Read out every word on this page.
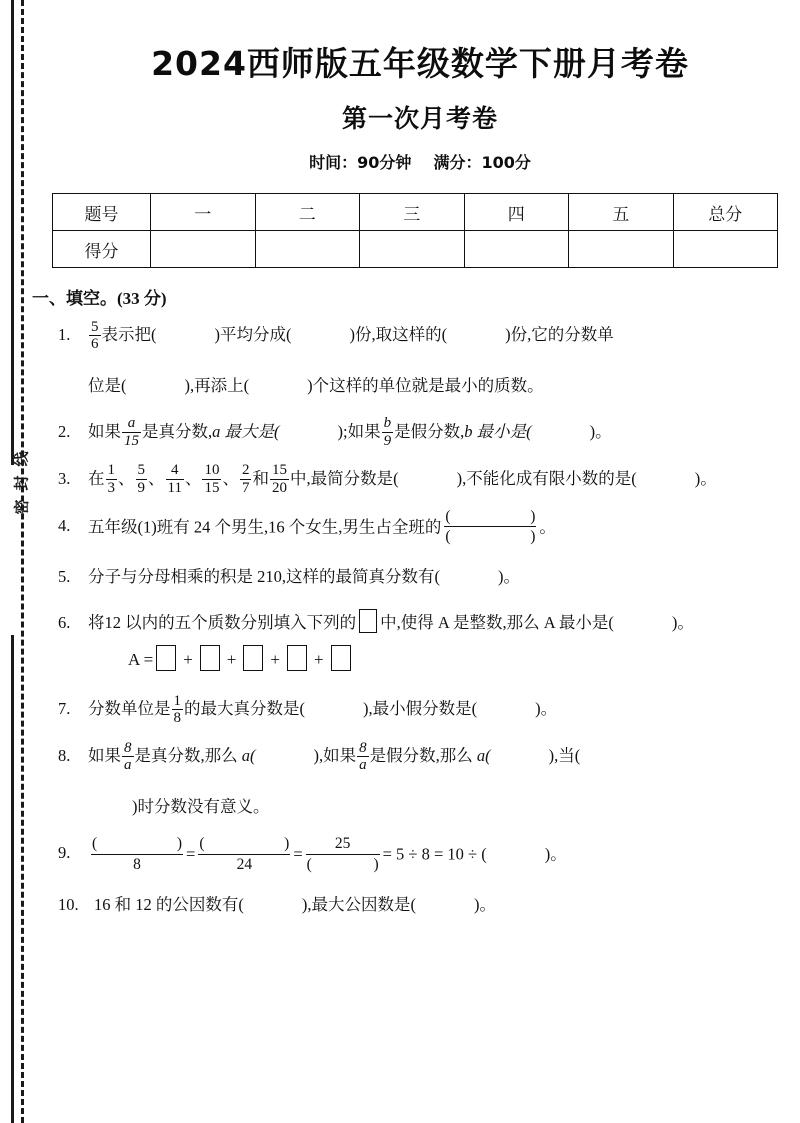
密封线
2024西师版五年级数学下册月考卷
第一次月考卷

时间：90分钟 满分：100分

题号	一	二	三	四	五	总分
得分						
一、填空。(33 分)
1.	$\frac{5}{6}$ 表示把(	)平均分成(	)份,取这样的(	)份,它的分数单
位是(	),再添上(	)个这样的单位就是最小的质数。
2.	如果 $\frac{a}{15}$ 是真分数,a 最大是(	);如果 $\frac{b}{9}$ 是假分数,b 最小是(	)。
3.	在 $\frac{1}{3}$ 、 $\frac{5}{9}$ 、 $\frac{4}{11}$ 、 $\frac{10}{15}$ 、 $\frac{2}{7}$ 和 $\frac{15}{20}$ 中,最简分数是(	),不能化成有限小数的是(	)。
4.	五年级(1)班有 24 个男生,16 个女生,男生占全班的 (	)
(	) 。
5.	分子与分母相乘的积是 210,这样的最简真分数有(	)。
6.	将12 以内的五个质数分别填入下列的 中,使得 A 是整数,那么 A 最小是(	)。
A = + + + +
7.	分数单位是 $\frac{1}{8}$ 的最大真分数是(	),最小假分数是(	)。
8.	如果 $\frac{8}{a}$ 是真分数,那么 a(	),如果 $\frac{8}{a}$ 是假分数,那么 a(	),当(
)时分数没有意义。
9.	(	)
8 = (	)
24 = 25
(	) = 5 ÷ 8 = 10 ÷ (	)。
10. 16 和 12 的公因数有(	),最大公因数是(	)。
